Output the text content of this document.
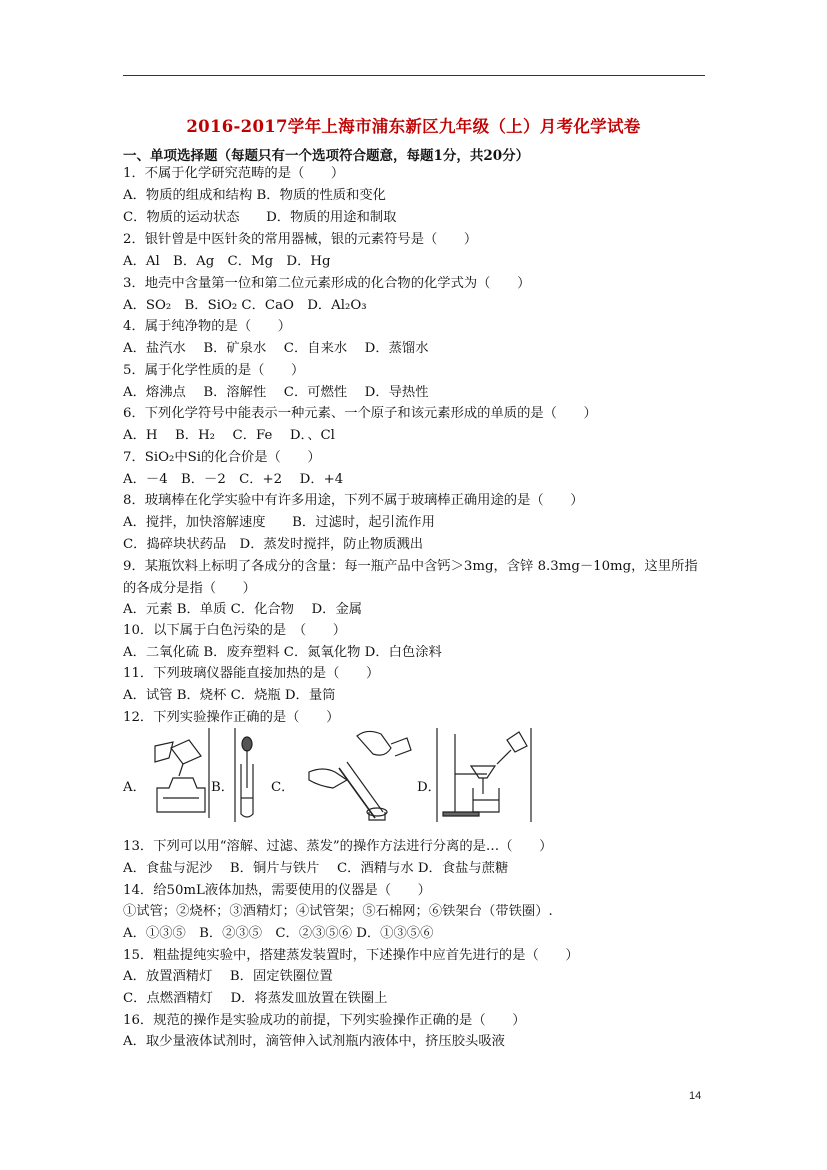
2016-2017学年上海市浦东新区九年级（上）月考化学试卷
一、单项选择题（每题只有一个选项符合题意，每题1分，共20分）
1．不属于化学研究范畴的是（　　）
A．物质的组成和结构 B．物质的性质和变化
C．物质的运动状态　　D．物质的用途和制取
2．银针曾是中医针灸的常用器械，银的元素符号是（　　）
A．Al　B．Ag　C．Mg　D．Hg
3．地壳中含量第一位和第二位元素形成的化合物的化学式为（　　）
A．SO₂　B．SiO₂ C．CaO　D．Al₂O₃
4．属于纯净物的是（　　）
A．盐汽水　 B．矿泉水　 C．自来水　 D．蒸馏水
5．属于化学性质的是（　　）
A．熔沸点　 B．溶解性　 C．可燃性　 D．导热性
6．下列化学符号中能表示一种元素、一个原子和该元素形成的单质的是（　　）
A．H　 B．H₂　 C．Fe　 D．、Cl
7．SiO₂中Si的化合价是（　　）
A．－4　B．－2　C．+2　 D．+4
8．玻璃棒在化学实验中有许多用途，下列不属于玻璃棒正确用途的是（　　）
A．搅拌，加快溶解速度　　B．过滤时，起引流作用
C．捣碎块状药品　D．蒸发时搅拌，防止物质溅出
9．某瓶饮料上标明了各成分的含量：每一瓶产品中含钙＞3mg，含锌 8.3mg－10mg，这里所指的各成分是指（　　）
A．元素 B．单质 C．化合物　 D．金属
10．以下属于白色污染的是　（　　）
A．二氧化硫 B．废弃塑料 C．氮氧化物 D．白色涂料
11．下列玻璃仪器能直接加热的是（　　）
A．试管 B．烧杯 C．烧瓶 D．量筒
12．下列实验操作正确的是（　　）
A．	B．	C．	D．
13．下列可以用“溶解、过滤、蒸发”的操作方法进行分离的是…（　　）
A．食盐与泥沙　 B．铜片与铁片　 C．酒精与水 D．食盐与蔗糖
14．给50mL液体加热，需要使用的仪器是（　　）
①试管；②烧杯；③酒精灯；④试管架；⑤石棉网；⑥铁架台（带铁圈）.
A．①③⑤　B．②③⑤　C．②③⑤⑥ D．①③⑤⑥
15．粗盐提纯实验中，搭建蒸发装置时，下述操作中应首先进行的是（　　）
A．放置酒精灯　 B．固定铁圈位置
C．点燃酒精灯　 D．将蒸发皿放置在铁圈上
16．规范的操作是实验成功的前提，下列实验操作正确的是（　　）
A．取少量液体试剂时，滴管伸入试剂瓶内液体中，挤压胶头吸液
14
